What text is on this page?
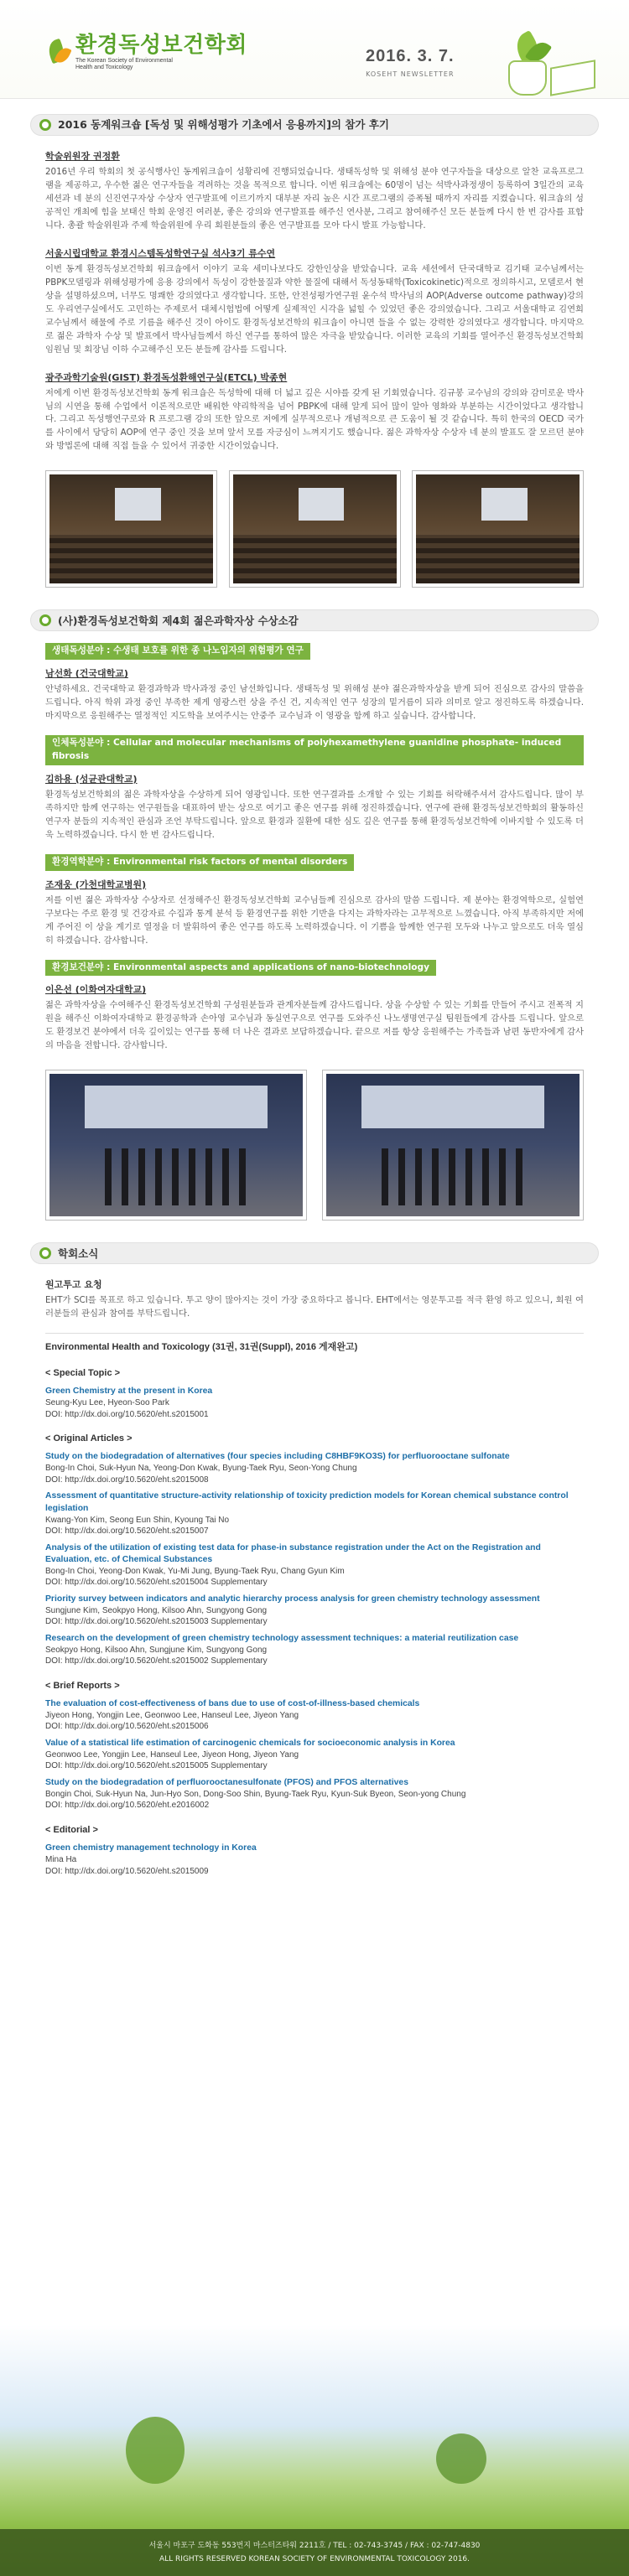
환경독성보건학회
The Korean Society of Environmental
Health and Toxicology
2016. 3. 7.
KOSEHT NEWSLETTER
2016 동계워크숍 [독성 및 위해성평가 기초에서 응용까지]의 참가 후기
학술위원장 권정환
2016년 우리 학회의 첫 공식행사인 동계워크숍이 성황리에 진행되었습니다. 생태독성학 및 위해성 분야 연구자들을 대상으로 알찬 교육프로그램을 제공하고, 우수한 젊은 연구자들을 격려하는 것을 목적으로 합니다. 이번 워크숍에는 60명이 넘는 석박사과정생이 등록하여 3일간의 교육 세션과 네 분의 신진연구자상 수상자 연구발표에 이르기까지 대부분 자리 높은 시간 프로그램의 증폭될 때까지 자리를 지켰습니다. 워크숍의 성공적인 개최에 힘을 보태신 학회 운영진 여러분, 좋은 강의와 연구발표를 해주신 연사분, 그리고 참여해주신 모든 분들께 다시 한 번 감사를 표합니다. 총괄 학술위원과 주제 학술위원에 우리 회원분들의 좋은 연구발표를 모아 다시 발표 가능합니다.
서울시립대학교 환경시스템독성학연구실 석사3기 류수연
이번 동계 환경독성보건학회 워크숍에서 이야기 교육 세미나보다도 강한인상을 받았습니다. 교육 세션에서 단국대학교 김기태 교수님께서는 PBPK모델링과 위해성평가에 응용 강의에서 독성이 강한물질과 약한 물질에 대해서 독성동태학(Toxicokinetic)적으로 정의하시고, 모델로서 현상을 설명하셨으며, 너무도 명쾌한 강의였다고 생각합니다. 또한, 안전성평가연구원 윤수석 박사님의 AOP(Adverse outcome pathway)강의도 우리연구실에서도 고민하는 주제로서 대체시험법에 어떻게 실제적인 시각을 넓힐 수 있었던 좋은 강의였습니다. 그리고 서울대학교 김연희 교수님께서 해물에 주로 기름을 해주신 것이 아이도 환경독성보건학의 워크숍이 아니면 들을 수 없는 강력한 강의였다고 생각합니다. 마지막으로 젊은 과학자 수상 및 발표에서 박사님들께서 하신 연구를 통하여 많은 자극을 받았습니다. 이러한 교육의 기회를 열어주신 환경독성보건학회 임원님 및 회장님 이하 수고해주신 모든 분들께 감사를 드립니다.
광주과학기술원(GIST) 환경독성환해연구실(ETCL) 박종현
저에게 이번 환경독성보건학회 동계 워크숍은 독성학에 대해 더 넓고 깊은 시야를 갖게 된 기회였습니다. 김규봉 교수님의 강의와 감미로운 박사님의 시연을 통해 수업에서 이론적으로만 배워한 약리학적을 넘어 PBPK에 대해 알게 되어 많이 알아 영화와 부분하는 시간이었다고 생각합니다. 그리고 독성행연구로와 R 프로그램 강의 또한 앞으로 저에게 실무적으로나 개념적으로 큰 도움이 될 것 같습니다. 특히 한국의 OECD 국가를 사이에서 당당히 AOP에 연구 중인 것을 보며 앞서 모를 자긍심이 느껴지기도 했습니다. 젊은 과학자상 수상자 네 분의 발표도 잘 모르던 분야와 방법론에 대해 직접 들을 수 있어서 귀중한 시간이었습니다.
(사)환경독성보건학회 제4회 젊은과학자상 수상소감
생태독성분야 : 수생태 보호를 위한 종 나노입자의 위험평가 연구
남선화 (건국대학교)
안녕하세요. 건국대학교 환경과학과 박사과정 중인 남선화입니다. 생태독성 및 위해성 분야 젊은과학자상을 받게 되어 진심으로 감사의 말씀을 드립니다. 아직 학위 과정 중인 부족한 제게 영광스런 상을 주신 건, 지속적인 연구 성장의 밑거름이 되라 의미로 알고 정진하도록 하겠습니다. 마지막으로 응원해주는 열정적인 지도학을 보여주시는 안중주 교수님과 이 영광을 함께 하고 싶습니다. 감사합니다.
인체독성분야 : Cellular and molecular mechanisms of polyhexamethylene guanidine phosphate- induced fibrosis
김하용 (성균관대학교)
환경독성보건학회의 젊은 과학자상을 수상하게 되어 영광입니다. 또한 연구결과를 소개할 수 있는 기회를 허락해주셔서 감사드립니다. 많이 부족하지만 함께 연구하는 연구원들을 대표하여 받는 상으로 여기고 좋은 연구를 위해 정진하겠습니다. 연구에 관해 환경독성보건학회의 활동하신 연구자 분들의 지속적인 관심과 조언 부탁드립니다. 앞으로 환경과 질환에 대한 심도 깊은 연구를 통해 환경독성보건학에 이바지할 수 있도록 더욱 노력하겠습니다. 다시 한 번 감사드립니다.
환경역학분야 : Environmental risk factors of mental disorders
조재웅 (가천대학교병원)
저를 이번 젊은 과학자상 수상자로 선정해주신 환경독성보건학회 교수님들께 진심으로 감사의 말씀 드립니다. 제 분야는 환경역학으로, 실험연구보다는 주로 환경 및 건강자료 수집과 통계 분석 등 환경연구를 위한 기반을 다지는 과학자라는 고무적으로 느꼈습니다. 아직 부족하지만 저에게 주어진 이 상을 계기로 열정을 더 발휘하여 좋은 연구를 하도록 노력하겠습니다. 이 기쁨을 함께한 연구원 모두와 나누고 앞으로도 더욱 열심히 하겠습니다. 감사합니다.
환경보건분야 : Environmental aspects and applications of nano-biotechnology
이은선 (이화여자대학교)
젊은 과학자상을 수여해주신 환경독성보건학회 구성원분들과 관계자분들께 감사드립니다. 상을 수상할 수 있는 기회를 만들어 주시고 전폭적 지원을 해주신 이화여자대학교 환경공학과 손아영 교수님과 동실연구으로 연구를 도와주신 나노생명연구실 팀원들에게 감사를 드립니다. 앞으로도 환경보건 분야에서 더욱 깊이있는 연구를 통해 더 나은 결과로 보답하겠습니다. 끝으로 저를 항상 응원해주는 가족들과 남편 동반자에게 감사의 마음을 전합니다. 감사합니다.
학회소식
원고투고 요청
EHT가 SCI를 목표로 하고 있습니다. 투고 양이 많아지는 것이 가장 중요하다고 봅니다. EHT에서는 영문투고를 적극 환영 하고 있으니, 회원 여러분들의 관심과 참여를 부탁드립니다.
Environmental Health and Toxicology (31권, 31권(Suppl), 2016 게재완고)
< Special Topic >
Green Chemistry at the present in Korea
Seung-Kyu Lee, Hyeon-Soo Park
DOI: http://dx.doi.org/10.5620/eht.s2015001
< Original Articles >
Study on the biodegradation of alternatives (four species including C8HBF9KO3S) for perfluorooctane sulfonate
Bong-In Choi, Suk-Hyun Na, Yeong-Don Kwak, Byung-Taek Ryu, Seon-Yong Chung
DOI: http://dx.doi.org/10.5620/eht.s2015008
Assessment of quantitative structure-activity relationship of toxicity prediction models for Korean chemical substance control legislation
Kwang-Yon Kim, Seong Eun Shin, Kyoung Tai No
DOI: http://dx.doi.org/10.5620/eht.s2015007
Analysis of the utilization of existing test data for phase-in substance registration under the Act on the Registration and Evaluation, etc. of Chemical Substances
Bong-In Choi, Yeong-Don Kwak, Yu-Mi Jung, Byung-Taek Ryu, Chang Gyun Kim
DOI: http://dx.doi.org/10.5620/eht.s2015004 Supplementary
Priority survey between indicators and analytic hierarchy process analysis for green chemistry technology assessment
Sungjune Kim, Seokpyo Hong, Kilsoo Ahn, Sungyong Gong
DOI: http://dx.doi.org/10.5620/eht.s2015003 Supplementary
Research on the development of green chemistry technology assessment techniques: a material reutilization case
Seokpyo Hong, Kilsoo Ahn, Sungjune Kim, Sungyong Gong
DOI: http://dx.doi.org/10.5620/eht.s2015002 Supplementary
< Brief Reports >
The evaluation of cost-effectiveness of bans due to use of cost-of-illness-based chemicals
Jiyeon Hong, Yongjin Lee, Geonwoo Lee, Hanseul Lee, Jiyeon Yang
DOI: http://dx.doi.org/10.5620/eht.s2015006
Value of a statistical life estimation of carcinogenic chemicals for socioeconomic analysis in Korea
Geonwoo Lee, Yongjin Lee, Hanseul Lee, Jiyeon Hong, Jiyeon Yang
DOI: http://dx.doi.org/10.5620/eht.s2015005 Supplementary
Study on the biodegradation of perfluorooctanesulfonate (PFOS) and PFOS alternatives
Bongin Choi, Suk-Hyun Na, Jun-Hyo Son, Dong-Soo Shin, Byung-Taek Ryu, Kyun-Suk Byeon, Seon-yong Chung
DOI: http://dx.doi.org/10.5620/eht.e2016002
< Editorial >
Green chemistry management technology in Korea
Mina Ha
DOI: http://dx.doi.org/10.5620/eht.s2015009
서울시 마포구 도화동 553번지 마스터즈타워 2211호 / TEL : 02-743-3745 / FAX : 02-747-4830
ALL RIGHTS RESERVED KOREAN SOCIETY OF ENVIRONMENTAL TOXICOLOGY 2016.
